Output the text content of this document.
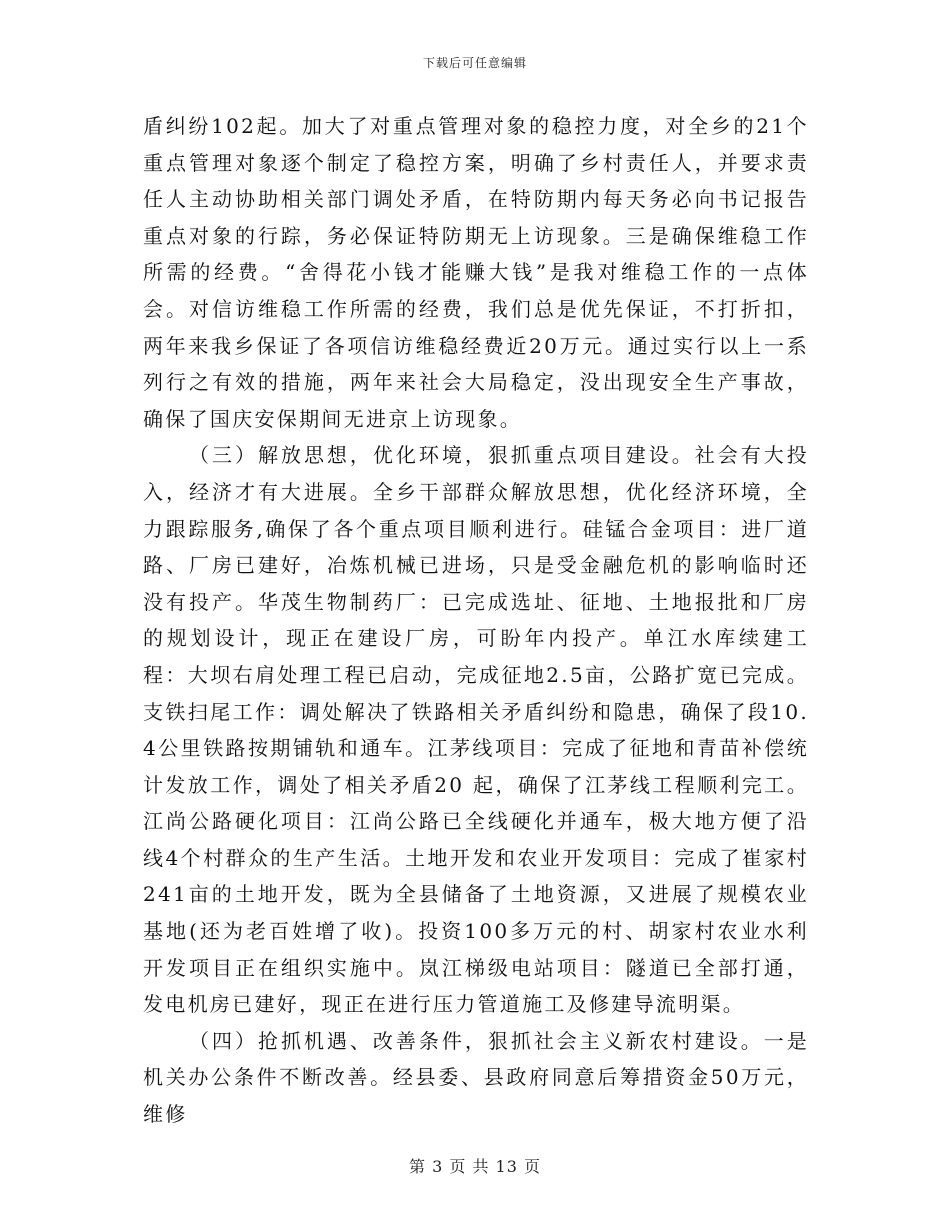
下载后可任意编辑

盾纠纷102起。加大了对重点管理对象的稳控力度，对全乡的21个重点管理对象逐个制定了稳控方案，明确了乡村责任人，并要求责任人主动协助相关部门调处矛盾，在特防期内每天务必向书记报告重点对象的行踪，务必保证特防期无上访现象。三是确保维稳工作所需的经费。“舍得花小钱才能赚大钱”是我对维稳工作的一点体会。对信访维稳工作所需的经费，我们总是优先保证，不打折扣，两年来我乡保证了各项信访维稳经费近20万元。通过实行以上一系列行之有效的措施，两年来社会大局稳定，没出现安全生产事故，确保了国庆安保期间无进京上访现象。

（三）解放思想，优化环境，狠抓重点项目建设。社会有大投入，经济才有大进展。全乡干部群众解放思想，优化经济环境，全力跟踪服务,确保了各个重点项目顺利进行。硅锰合金项目：进厂道路、厂房已建好，冶炼机械已进场，只是受金融危机的影响临时还没有投产。华茂生物制药厂：已完成选址、征地、土地报批和厂房的规划设计，现正在建设厂房，可盼年内投产。单江水库续建工程：大坝右肩处理工程已启动，完成征地2.5亩，公路扩宽已完成。支铁扫尾工作：调处解决了铁路相关矛盾纠纷和隐患，确保了段10.4公里铁路按期铺轨和通车。江茅线项目：完成了征地和青苗补偿统计发放工作，调处了相关矛盾20 起，确保了江茅线工程顺利完工。江尚公路硬化项目：江尚公路已全线硬化并通车，极大地方便了沿线4个村群众的生产生活。土地开发和农业开发项目：完成了崔家村241亩的土地开发，既为全县储备了土地资源，又进展了规模农业基地(还为老百姓增了收)。投资100多万元的村、胡家村农业水利开发项目正在组织实施中。岚江梯级电站项目：隧道已全部打通，发电机房已建好，现正在进行压力管道施工及修建导流明渠。

（四）抢抓机遇、改善条件，狠抓社会主义新农村建设。一是机关办公条件不断改善。经县委、县政府同意后筹措资金50万元，维修

第 3 页 共 13 页
